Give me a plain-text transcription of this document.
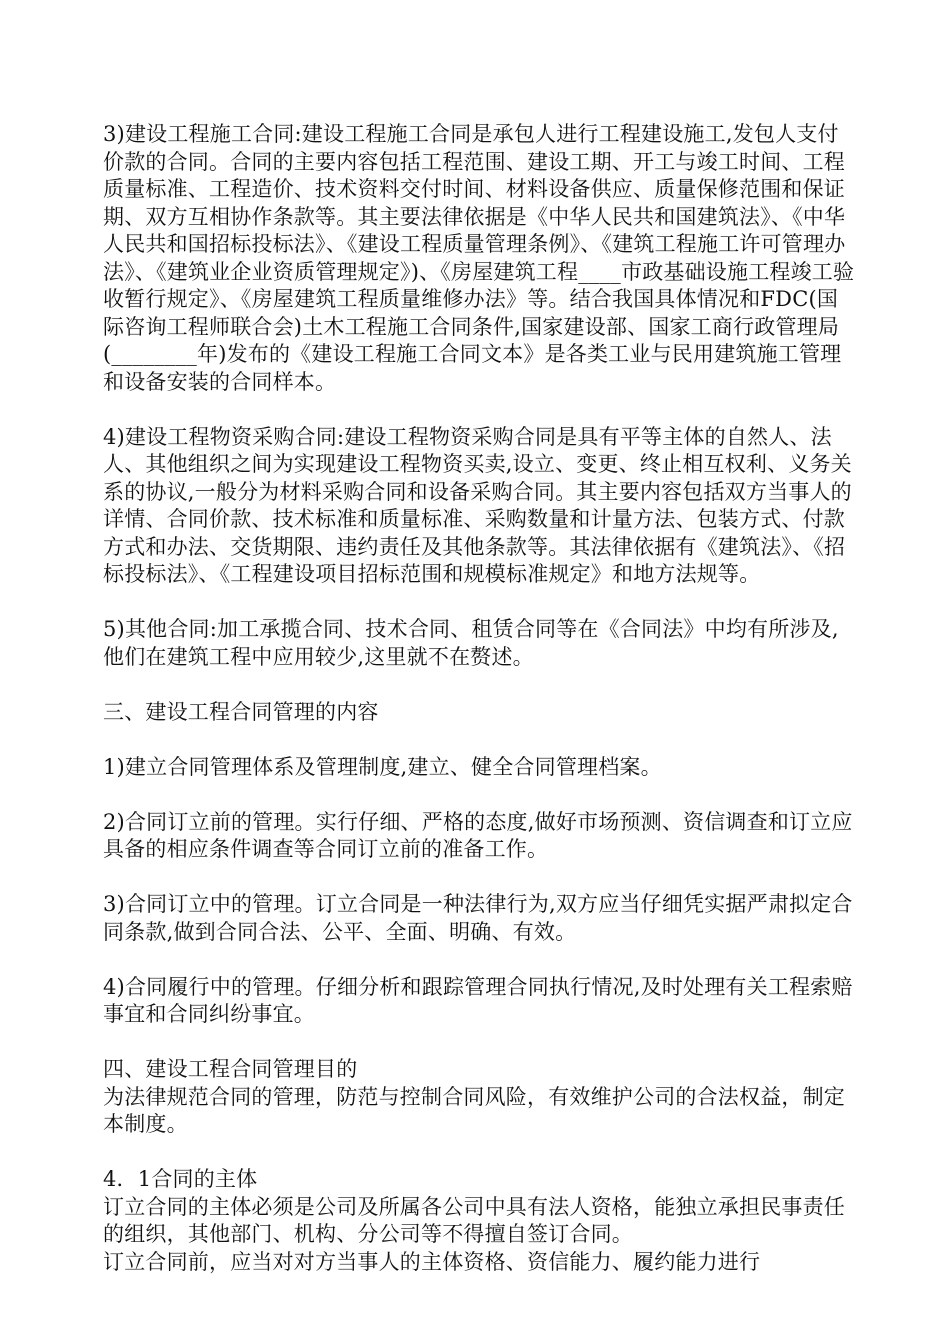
3)建设工程施工合同:建设工程施工合同是承包人进行工程建设施工,发包人支付价款的合同。合同的主要内容包括工程范围、建设工期、开工与竣工时间、工程质量标准、工程造价、技术资料交付时间、材料设备供应、质量保修范围和保证期、双方互相协作条款等。其主要法律依据是《中华人民共和国建筑法》、《中华人民共和国招标投标法》、《建设工程质量管理条例》、《建筑工程施工许可管理办法》、《建筑业企业资质管理规定》)、《房屋建筑工程____市政基础设施工程竣工验收暂行规定》、《房屋建筑工程质量维修办法》等。结合我国具体情况和FDC(国际咨询工程师联合会)土木工程施工合同条件,国家建设部、国家工商行政管理局(________年)发布的《建设工程施工合同文本》是各类工业与民用建筑施工管理和设备安装的合同样本。

4)建设工程物资采购合同:建设工程物资采购合同是具有平等主体的自然人、法人、其他组织之间为实现建设工程物资买卖,设立、变更、终止相互权利、义务关系的协议,一般分为材料采购合同和设备采购合同。其主要内容包括双方当事人的详情、合同价款、技术标准和质量标准、采购数量和计量方法、包装方式、付款方式和办法、交货期限、违约责任及其他条款等。其法律依据有《建筑法》、《招标投标法》、《工程建设项目招标范围和规模标准规定》和地方法规等。

5)其他合同:加工承揽合同、技术合同、租赁合同等在《合同法》中均有所涉及,他们在建筑工程中应用较少,这里就不在赘述。

三、建设工程合同管理的内容

1)建立合同管理体系及管理制度,建立、健全合同管理档案。

2)合同订立前的管理。实行仔细、严格的态度,做好市场预测、资信调查和订立应具备的相应条件调查等合同订立前的准备工作。

3)合同订立中的管理。订立合同是一种法律行为,双方应当仔细凭实据严肃拟定合同条款,做到合同合法、公平、全面、明确、有效。

4)合同履行中的管理。仔细分析和跟踪管理合同执行情况,及时处理有关工程索赔事宜和合同纠纷事宜。

四、建设工程合同管理目的

为法律规范合同的管理，防范与控制合同风险，有效维护公司的合法权益，制定本制度。

4．1合同的主体

订立合同的主体必须是公司及所属各公司中具有法人资格，能独立承担民事责任的组织，其他部门、机构、分公司等不得擅自签订合同。

订立合同前，应当对对方当事人的主体资格、资信能力、履约能力进行
